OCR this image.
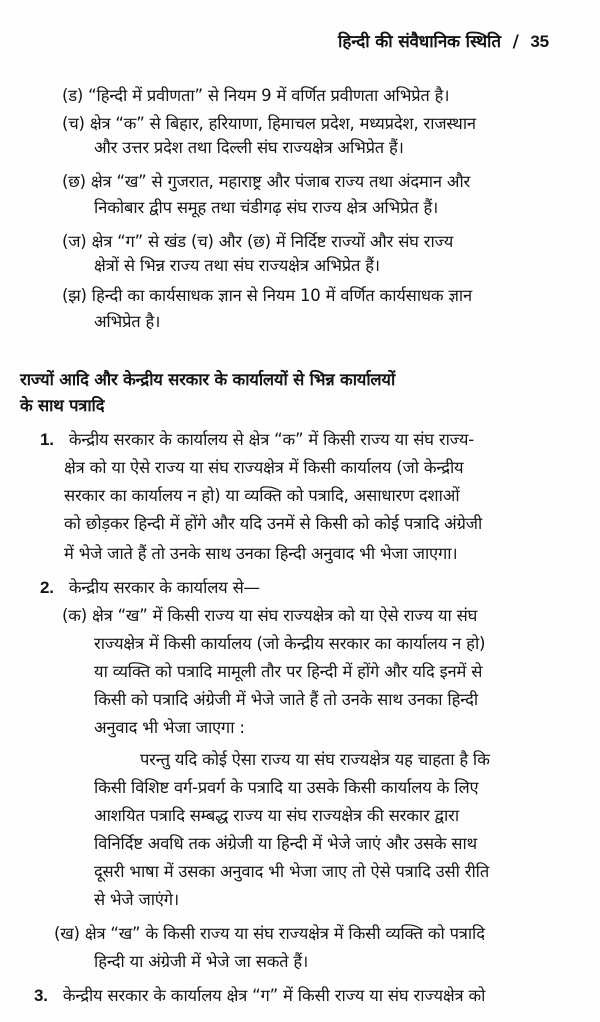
हिन्दी की संवैधानिक स्थिति / 35
(ड) “हिन्दी में प्रवीणता” से नियम 9 में वर्णित प्रवीणता अभिप्रेत है।
(च) क्षेत्र “क” से बिहार, हरियाणा, हिमाचल प्रदेश, मध्यप्रदेश, राजस्थान
और उत्तर प्रदेश तथा दिल्ली संघ राज्यक्षेत्र अभिप्रेत हैं।
(छ) क्षेत्र “ख” से गुजरात, महाराष्ट्र और पंजाब राज्य तथा अंदमान और
निकोबार द्वीप समूह तथा चंडीगढ़ संघ राज्य क्षेत्र अभिप्रेत हैं।
(ज) क्षेत्र “ग” से खंड (च) और (छ) में निर्दिष्ट राज्यों और संघ राज्य
क्षेत्रों से भिन्न राज्य तथा संघ राज्यक्षेत्र अभिप्रेत हैं।
(झ) हिन्दी का कार्यसाधक ज्ञान से नियम 10 में वर्णित कार्यसाधक ज्ञान
अभिप्रेत है।
राज्यों आदि और केन्द्रीय सरकार के कार्यालयों से भिन्न कार्यालयों
के साथ पत्रादि
1. केन्द्रीय सरकार के कार्यालय से क्षेत्र “क” में किसी राज्य या संघ राज्य-
क्षेत्र को या ऐसे राज्य या संघ राज्यक्षेत्र में किसी कार्यालय (जो केन्द्रीय
सरकार का कार्यालय न हो) या व्यक्ति को पत्रादि, असाधारण दशाओं
को छोड़कर हिन्दी में होंगे और यदि उनमें से किसी को कोई पत्रादि अंग्रेजी
में भेजे जाते हैं तो उनके साथ उनका हिन्दी अनुवाद भी भेजा जाएगा।
2. केन्द्रीय सरकार के कार्यालय से—
(क) क्षेत्र “ख” में किसी राज्य या संघ राज्यक्षेत्र को या ऐसे राज्य या संघ
राज्यक्षेत्र में किसी कार्यालय (जो केन्द्रीय सरकार का कार्यालय न हो)
या व्यक्ति को पत्रादि मामूली तौर पर हिन्दी में होंगे और यदि इनमें से
किसी को पत्रादि अंग्रेजी में भेजे जाते हैं तो उनके साथ उनका हिन्दी
अनुवाद भी भेजा जाएगा :
परन्तु यदि कोई ऐसा राज्य या संघ राज्यक्षेत्र यह चाहता है कि
किसी विशिष्ट वर्ग-प्रवर्ग के पत्रादि या उसके किसी कार्यालय के लिए
आशयित पत्रादि सम्बद्ध राज्य या संघ राज्यक्षेत्र की सरकार द्वारा
विनिर्दिष्ट अवधि तक अंग्रेजी या हिन्दी में भेजे जाएं और उसके साथ
दूसरी भाषा में उसका अनुवाद भी भेजा जाए तो ऐसे पत्रादि उसी रीति
से भेजे जाएंगे।
(ख) क्षेत्र “ख” के किसी राज्य या संघ राज्यक्षेत्र में किसी व्यक्ति को पत्रादि
हिन्दी या अंग्रेजी में भेजे जा सकते हैं।
3. केन्द्रीय सरकार के कार्यालय क्षेत्र “ग” में किसी राज्य या संघ राज्यक्षेत्र को
